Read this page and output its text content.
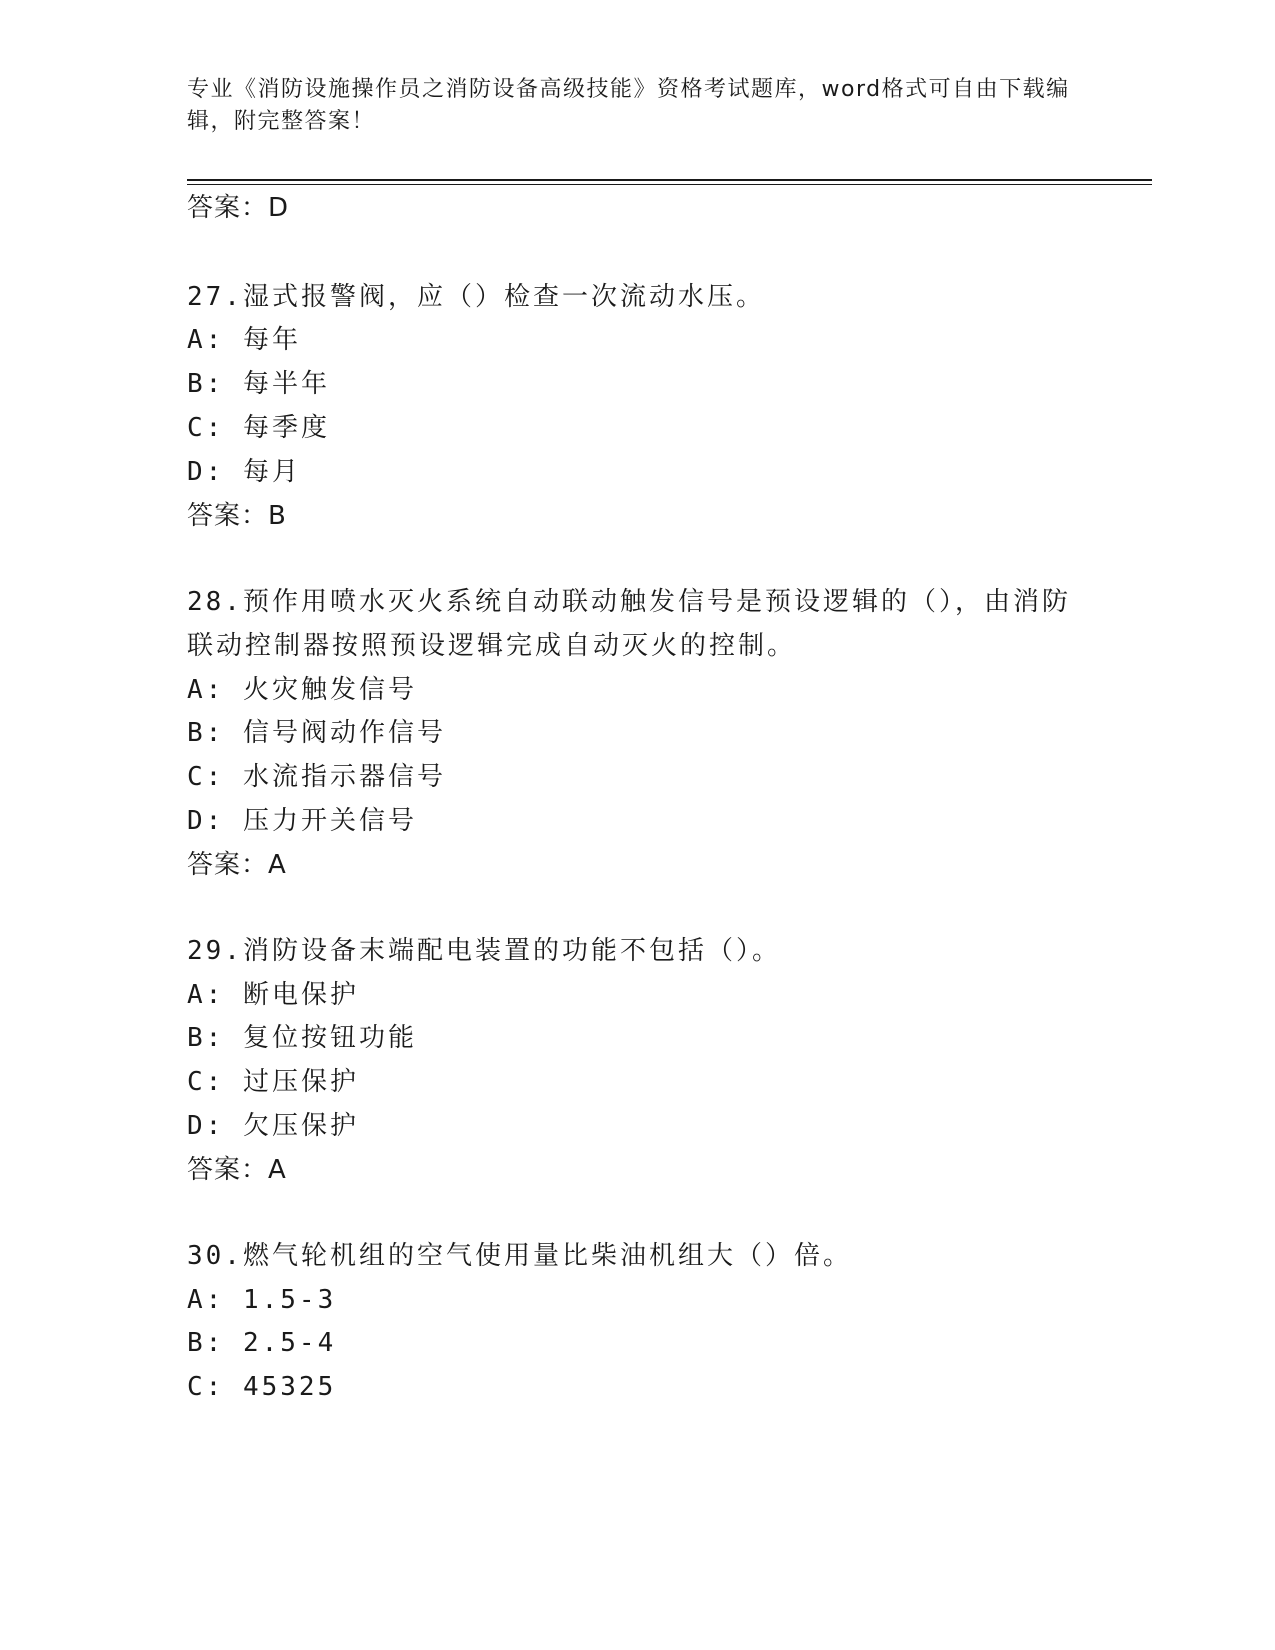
专业《消防设施操作员之消防设备高级技能》资格考试题库，word格式可自由下载编辑，附完整答案！
答案：D
27.湿式报警阀，应（）检查一次流动水压。
A: 每年
B: 每半年
C: 每季度
D: 每月
答案：B
28.预作用喷水灭火系统自动联动触发信号是预设逻辑的（），由消防
联动控制器按照预设逻辑完成自动灭火的控制。
A: 火灾触发信号
B: 信号阀动作信号
C: 水流指示器信号
D: 压力开关信号
答案：A
29.消防设备末端配电装置的功能不包括（）。
A: 断电保护
B: 复位按钮功能
C: 过压保护
D: 欠压保护
答案：A
30.燃气轮机组的空气使用量比柴油机组大（）倍。
A: 1.5-3
B: 2.5-4
C: 45325
